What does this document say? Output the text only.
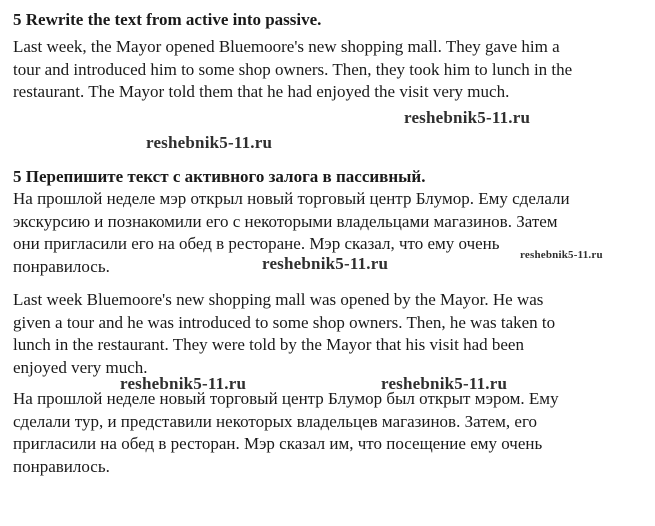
5 Rewrite the text from active into passive.
Last week, the Mayor opened Bluemoore's new shopping mall. They gave him a
tour and introduced him to some shop owners. Then, they took him to lunch in the
restaurant. The Mayor told them that he had enjoyed the visit very much.
5 Перепишите текст с активного залога в пассивный.
На прошлой неделе мэр открыл новый торговый центр Блумор. Ему сделали
экскурсию и познакомили его с некоторыми владельцами магазинов. Затем
они пригласили его на обед в ресторане. Мэр сказал, что ему очень
понравилось.
Last week Bluemoore's new shopping mall was opened by the Mayor. He was
given a tour and he was introduced to some shop owners. Then, he was taken to
lunch in the restaurant. They were told by the Mayor that his visit had been
enjoyed very much.
На прошлой неделе новый торговый центр Блумор был открыт мэром. Ему
сделали тур, и представили некоторых владельцев магазинов. Затем, его
пригласили на обед в ресторан. Мэр сказал им, что посещение ему очень
понравилось.
reshebnik5-11.ru
reshebnik5-11.ru
reshebnik5-11.ru	reshebnik5-11.ru
reshebnik5-11.ru	reshebnik5-11.ru
